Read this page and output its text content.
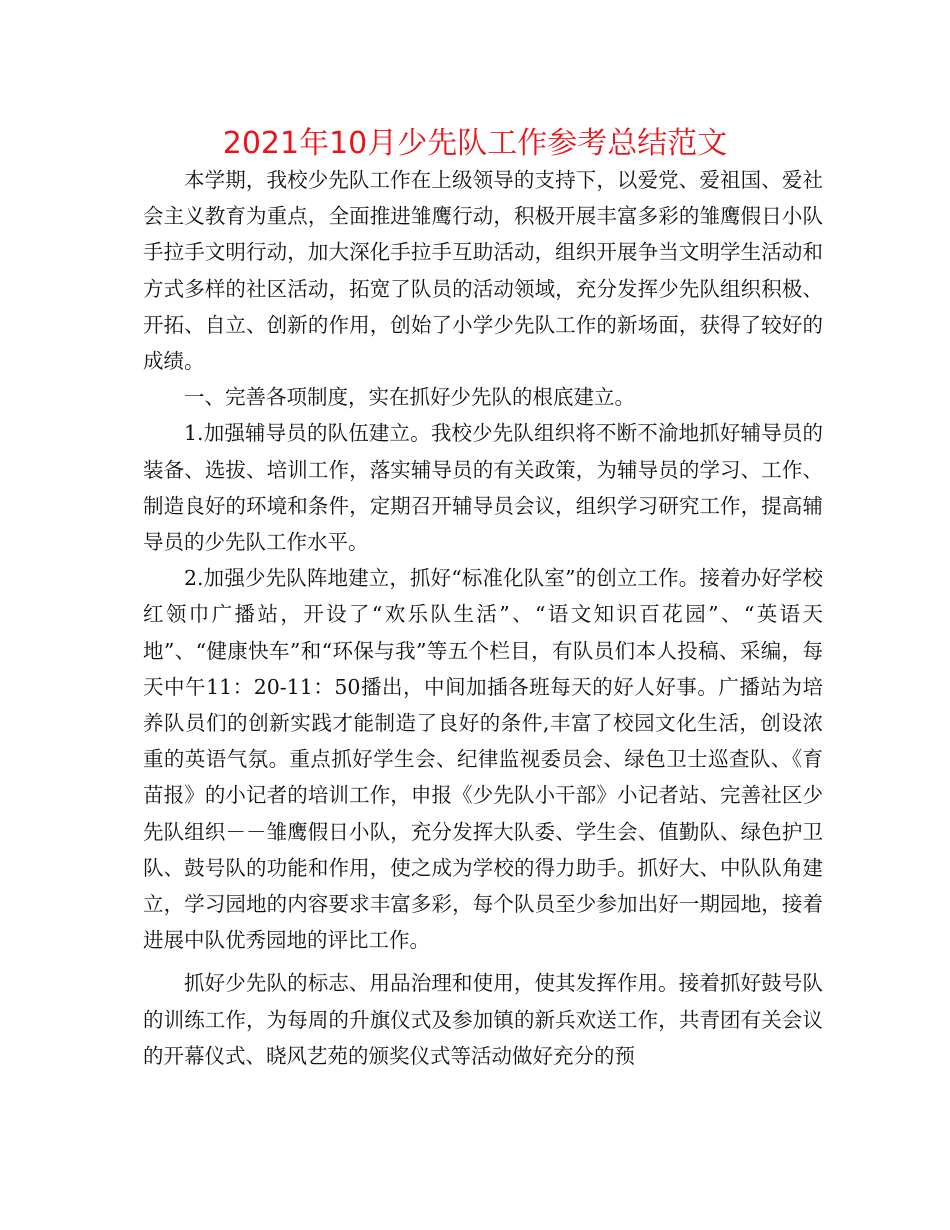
2021年10月少先队工作参考总结范文

本学期，我校少先队工作在上级领导的支持下，以爱党、爱祖国、爱社会主义教育为重点，全面推进雏鹰行动，积极开展丰富多彩的雏鹰假日小队手拉手文明行动，加大深化手拉手互助活动，组织开展争当文明学生活动和方式多样的社区活动，拓宽了队员的活动领域，充分发挥少先队组织积极、开拓、自立、创新的作用，创始了小学少先队工作的新场面，获得了较好的成绩。

一、完善各项制度，实在抓好少先队的根底建立。

1.加强辅导员的队伍建立。我校少先队组织将不断不渝地抓好辅导员的装备、选拔、培训工作，落实辅导员的有关政策，为辅导员的学习、工作、制造良好的环境和条件，定期召开辅导员会议，组织学习研究工作，提高辅导员的少先队工作水平。

2.加强少先队阵地建立，抓好“标准化队室”的创立工作。接着办好学校红领巾广播站，开设了“欢乐队生活”、“语文知识百花园”、“英语天地”、“健康快车”和“环保与我”等五个栏目，有队员们本人投稿、采编，每天中午11：20-11：50播出，中间加插各班每天的好人好事。广播站为培养队员们的创新实践才能制造了良好的条件,丰富了校园文化生活，创设浓重的英语气氛。重点抓好学生会、纪律监视委员会、绿色卫士巡查队、《育苗报》的小记者的培训工作，申报《少先队小干部》小记者站、完善社区少先队组织－－雏鹰假日小队，充分发挥大队委、学生会、值勤队、绿色护卫队、鼓号队的功能和作用，使之成为学校的得力助手。抓好大、中队队角建立，学习园地的内容要求丰富多彩，每个队员至少参加出好一期园地，接着进展中队优秀园地的评比工作。

抓好少先队的标志、用品治理和使用，使其发挥作用。接着抓好鼓号队的训练工作，为每周的升旗仪式及参加镇的新兵欢送工作，共青团有关会议的开幕仪式、晓风艺苑的颁奖仪式等活动做好充分的预
